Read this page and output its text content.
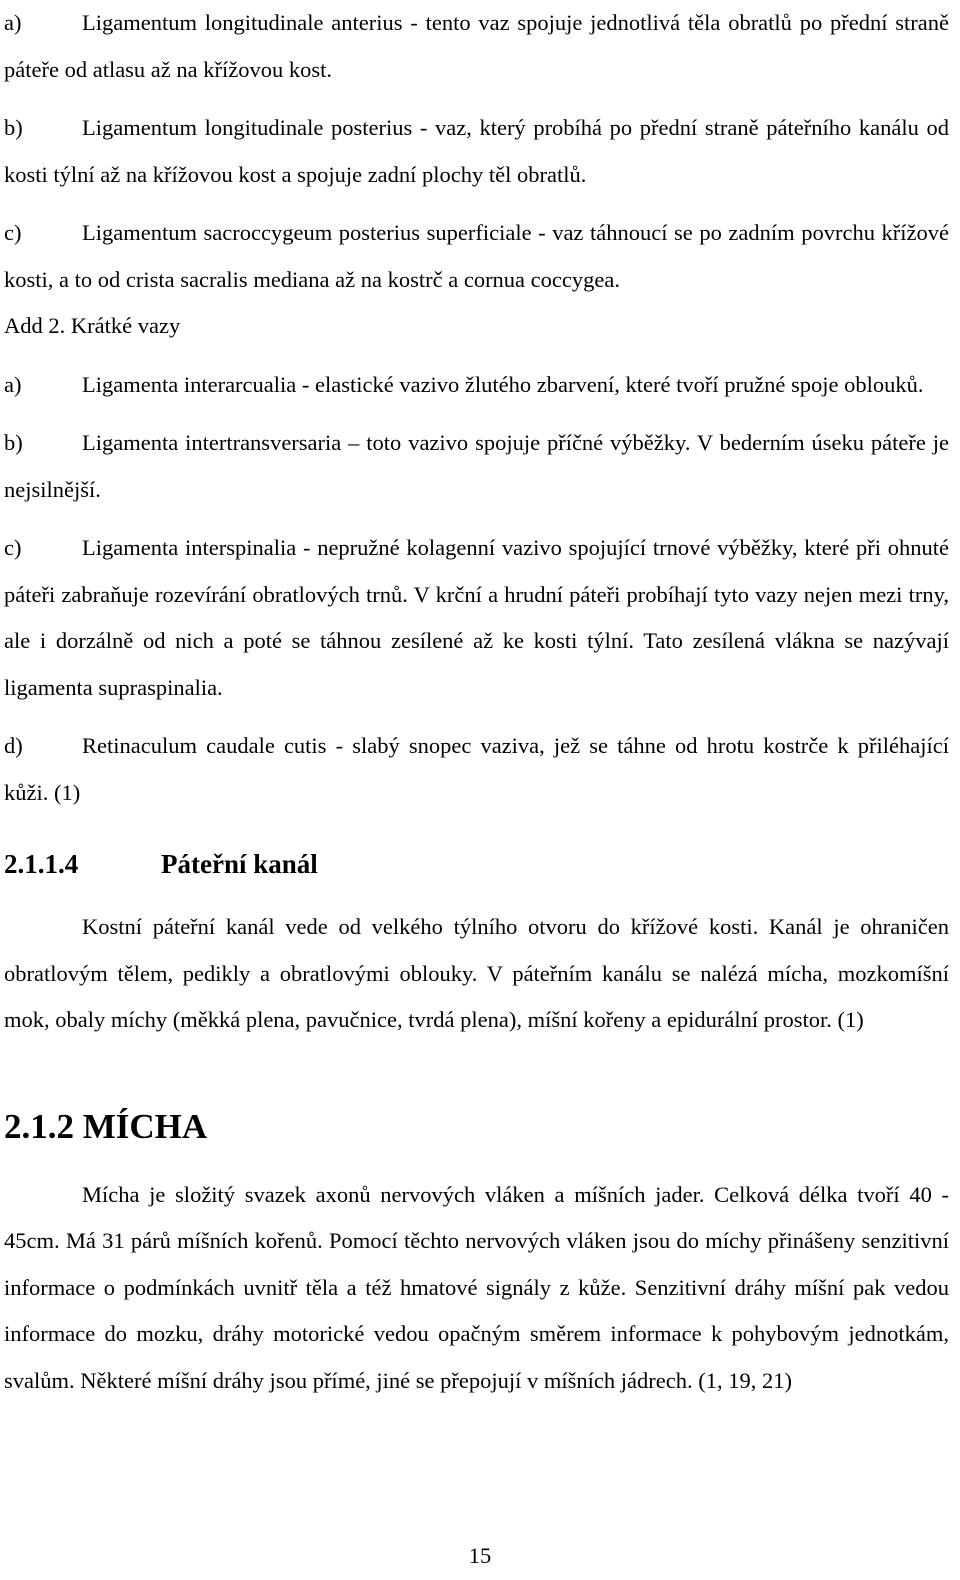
a)	Ligamentum longitudinale anterius - tento vaz spojuje jednotlivá těla obratlů po přední straně páteře od atlasu až na křížovou kost.

b)	Ligamentum longitudinale posterius - vaz, který probíhá po přední straně páteřního kanálu od kosti týlní až na křížovou kost a spojuje zadní plochy těl obratlů.

c)	Ligamentum sacroccygeum posterius superficiale - vaz táhnoucí se po zadním povrchu křížové kosti, a to od crista sacralis mediana až na kostrč a cornua coccygea.

Add 2. Krátké vazy

a)	Ligamenta interarcualia - elastické vazivo žlutého zbarvení, které tvoří pružné spoje oblouků.

b)	Ligamenta intertransversaria – toto vazivo spojuje příčné výběžky. V bederním úseku páteře je nejsilnější.

c)	Ligamenta interspinalia - nepružné kolagenní vazivo spojující trnové výběžky, které při ohnuté páteři zabraňuje rozevírání obratlových trnů. V krční a hrudní páteři probíhají tyto vazy nejen mezi trny, ale i dorzálně od nich a poté se táhnou zesílené až ke kosti týlní. Tato zesílená vlákna se nazývají ligamenta supraspinalia.

d)	Retinaculum caudale cutis - slabý snopec vaziva, jež se táhne od hrotu kostrče k přiléhající kůži. (1)

2.1.1.4	Páteřní kanál

Kostní páteřní kanál vede od velkého týlního otvoru do křížové kosti. Kanál je ohraničen obratlovým tělem, pedikly a obratlovými oblouky. V páteřním kanálu se nalézá mícha, mozkomíšní mok, obaly míchy (měkká plena, pavučnice, tvrdá plena), míšní kořeny a epidurální prostor. (1)

2.1.2 MÍCHA

Mícha je složitý svazek axonů nervových vláken a míšních jader. Celková délka tvoří 40 - 45cm. Má 31 párů míšních kořenů. Pomocí těchto nervových vláken jsou do míchy přinášeny senzitivní informace o podmínkách uvnitř těla a též hmatové signály z kůže. Senzitivní dráhy míšní pak vedou informace do mozku, dráhy motorické vedou opačným směrem informace k pohybovým jednotkám, svalům. Některé míšní dráhy jsou přímé, jiné se přepojují v míšních jádrech. (1, 19, 21)

15
